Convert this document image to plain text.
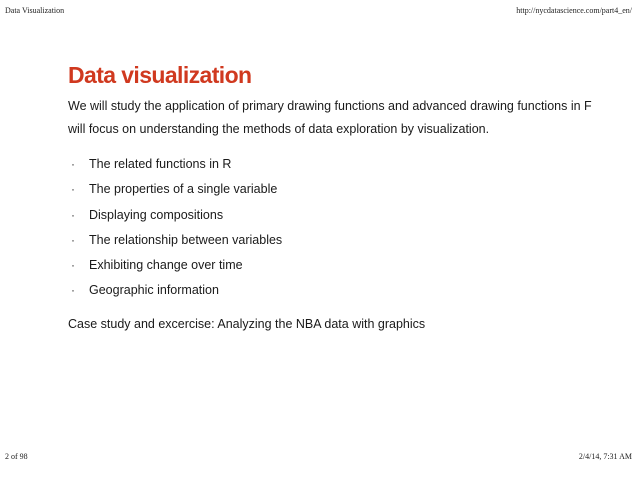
Data Visualization	http://nycdatascience.com/part4_en/
Data visualization
We will study the application of primary drawing functions and advanced drawing functions in F
will focus on understanding the methods of data exploration by visualization.
·	The related functions in R
·	The properties of a single variable
·	Displaying compositions
·	The relationship between variables
·	Exhibiting change over time
·	Geographic information
Case study and excercise: Analyzing the NBA data with graphics
2 of 98	2/4/14, 7:31 AM
